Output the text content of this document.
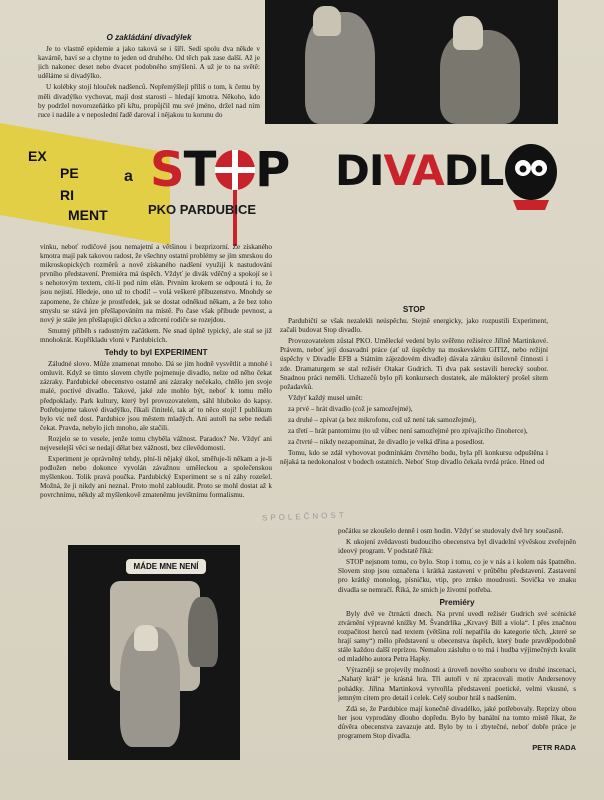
O zakládání divadýlek

Je to vlastně epidemie a jako taková se i šíří. Sedí spolu dva někde v kavárně, baví se a chytne to jeden od druhého. Od těch pak zase další. Až je jich nakonec deset nebo dvacet podobného smýšlení. A už je to na světě: uděláme si divadýlko.

U kolébky stojí hlouček nadšenců. Nepřemýšlejí příliš o tom, k čemu by měli divadýlko vychovat, mají dost starostí – hledají kmotra. Někoho, kdo by podržel novorozeňátko při křtu, propůjčil mu své jméno, držel nad ním ruce i nadále a v neposlední řadě daroval i nějakou tu korunu do

EX
PE
RI
MENT
a ST P DIVADL
PKO PARDUBICE

vinku, neboť rodičové jsou nemajetní a většinou i bezprizorní. Ze získaného kmotra mají pak takovou radost, že všechny ostatní problémy se jím smrskou do mikroskopických rozměrů a nově získaného nadšení využijí k nastudování prvního představení. Premiéra má úspěch. Vždyť je divák vděčný a spokojí se i s nehotovým textem, cítí-li pod ním elán. Prvním krokem se odpoutá i to, že jsou nejistí. Hledeje, ono už to chodí! – volá veškeré příbuzenstvo. Mnohdy se zapomene, že chůze je prostředek, jak se dostat odněkud někam, a že bez toho smyslu se stává jen přešlapováním na místě. Po čase však přibude pevnost, a nový je stále jen přešlapující děcko a zdrcení rodiče se rozejdou.

Smutný příběh s radostným začátkem. Ne snad úplně typický, ale stal se již mnohokrát. Kupříkladu vloni v Pardubicích.

Tehdy to byl EXPERIMENT

Záludné slovo. Může znamenat mnoho. Dá se jím hodně vysvětlit a mnohé i omluvit. Když se tímto slovem chytře pojmenuje divadlo, nelze od něho čekat zázraky. Pardubické obecenstvo ostatně ani zázraky nečekalo, chtělo jen svoje malé, poctivé divadlo. Takové, jaké zde mohlo být, neboť k tomu mělo předpoklady. Park kultury, který byl provozovatelem, sáhl hluboko do kapsy. Potřebujeme takové divadýlko, říkali činitelé, tak ať to něco stojí! I publikum bylo víc než dost. Pardubice jsou městem mladých. Ani autoři na sebe nedali čekat. Pravda, nebylo jich mnoho, ale stačili.

Rozjelo se to vesele, jenže tomu chyběla vážnost. Paradox? Ne. Vždyť ani nejveselejší věci se nedají dělat bez vážnosti, bez cílevědomosti.

Experiment je oprávněný tehdy, plní-li nějaký úkol, směřuje-li někam a je-li podložen nebo dokonce vyvolán závažnou uměleckou a společenskou myšlenkou. Tolik pravá poučka. Pardubický Experiment se s ní záhy rozešel. Možná, že ji nikdy ani neznal. Proto mohl zabloudit. Proto se mohl dostat až k povrchnímu, někdy až myšlenkově zmateněmu jevištnímu formalismu.

STOP

Pardubičtí se však nezalekli neúspěchu. Stejně energicky, jako rozpustili Experiment, začali budovat Stop divadlo.

Provozovatelem zůstal PKO. Umělecké vedení bylo svěřeno režisérce Jiřině Martinkové. Právem, neboť její dosavadní práce (ať už úspěchy na moskevském GITIZ, nebo režijní úspěchy v Divadle EFB a Státním zájezdovém divadle) dávala záruku úsilovně činnosti i zde. Dramaturgem se stal režisér Otakar Gudrich. Ti dva pak sestavili herecký soubor. Snadnou práci neměli. Uchazečů bylo při konkursech dostatek, ale málokterý prošel sítem požadavků.

Vždyť každý musel umět:

za prvé – hrát divadlo (což je samozřejmé),

za druhé – zpívat (a bez mikrofonu, což už není tak samozřejmé),

za třetí – hrát pantomimu (to už vůbec není samozřejmé pro zpívajícího činoherce),

za čtvrté – nikdy nezapomínat, že divadlo je velká dřina a posedlost.

Tomu, kdo se zdál vyhovovat podmínkám čtvrtého bodu, byla při konkursu odpuštěna i nějaká ta nedokonalost v bodech ostatních. Neboť Stop divadlo čekala tvrdá práce. Hned od

SPOLEČNOST
MÁDE MNE NENÍ

počátku se zkoušelo denně i osm hodin. Vždyť se studovaly dvě hry současně.

K ukojení zvědavosti budoucího obecenstva byl divadelní vývěskou zveřejněn ideový program. V podstatě říká:

STOP nejsnom tomu, co bylo. Stop i tomu, co je v nás a i kolem nás špatného. Slovem stop jsou označena i krátká zastavení v průběhu představení. Zastavení pro krátký monolog, písničku, vtip, pro zrnko moudrosti. Sovička ve znaku divadla se nemračí. Říká, že smích je životní potřeba.

Premiéry

Byly dvě ve čtrnácti dnech. Na první uvedl režisér Gudrich své scénické ztvárnění výpravné knížky M. Švandrlíka „Krvavý Bill a víola“. I přes značnou rozpačitost herců nad textem (většina rolí nepatřila do kategorie těch, „které se hrají samy“) mělo představení u obecenstva úspěch, který bude pravděpodobně stále každou další reprízou. Nemalou zásluhu o to má i hudba výjimečných kvalit od mladého autora Petra Hapky.

Výrazněji se projevily možnosti a úroveň nového souboru ve druhé inscenaci, „Nahatý král“ je krásná hra. Tři autoři v ní zpracovali motiv Andersenovy pohádky. Jiřina Martinková vytvořila představení poetické, velmi vkusné, s jemným citem pro detail i celek. Celý soubor hrál s nadšením.

Zdá se, že Pardubice mají konečně divadélko, jaké potřebovaly. Reprízy obou her jsou vyprodány dlouho dopředu. Bylo by banální na tomto místě říkat, že důvěra obecenstva zavazuje atd. Bylo by to i zbytečné, neboť dobře práce je programem Stop divadla.

PETR RADA
